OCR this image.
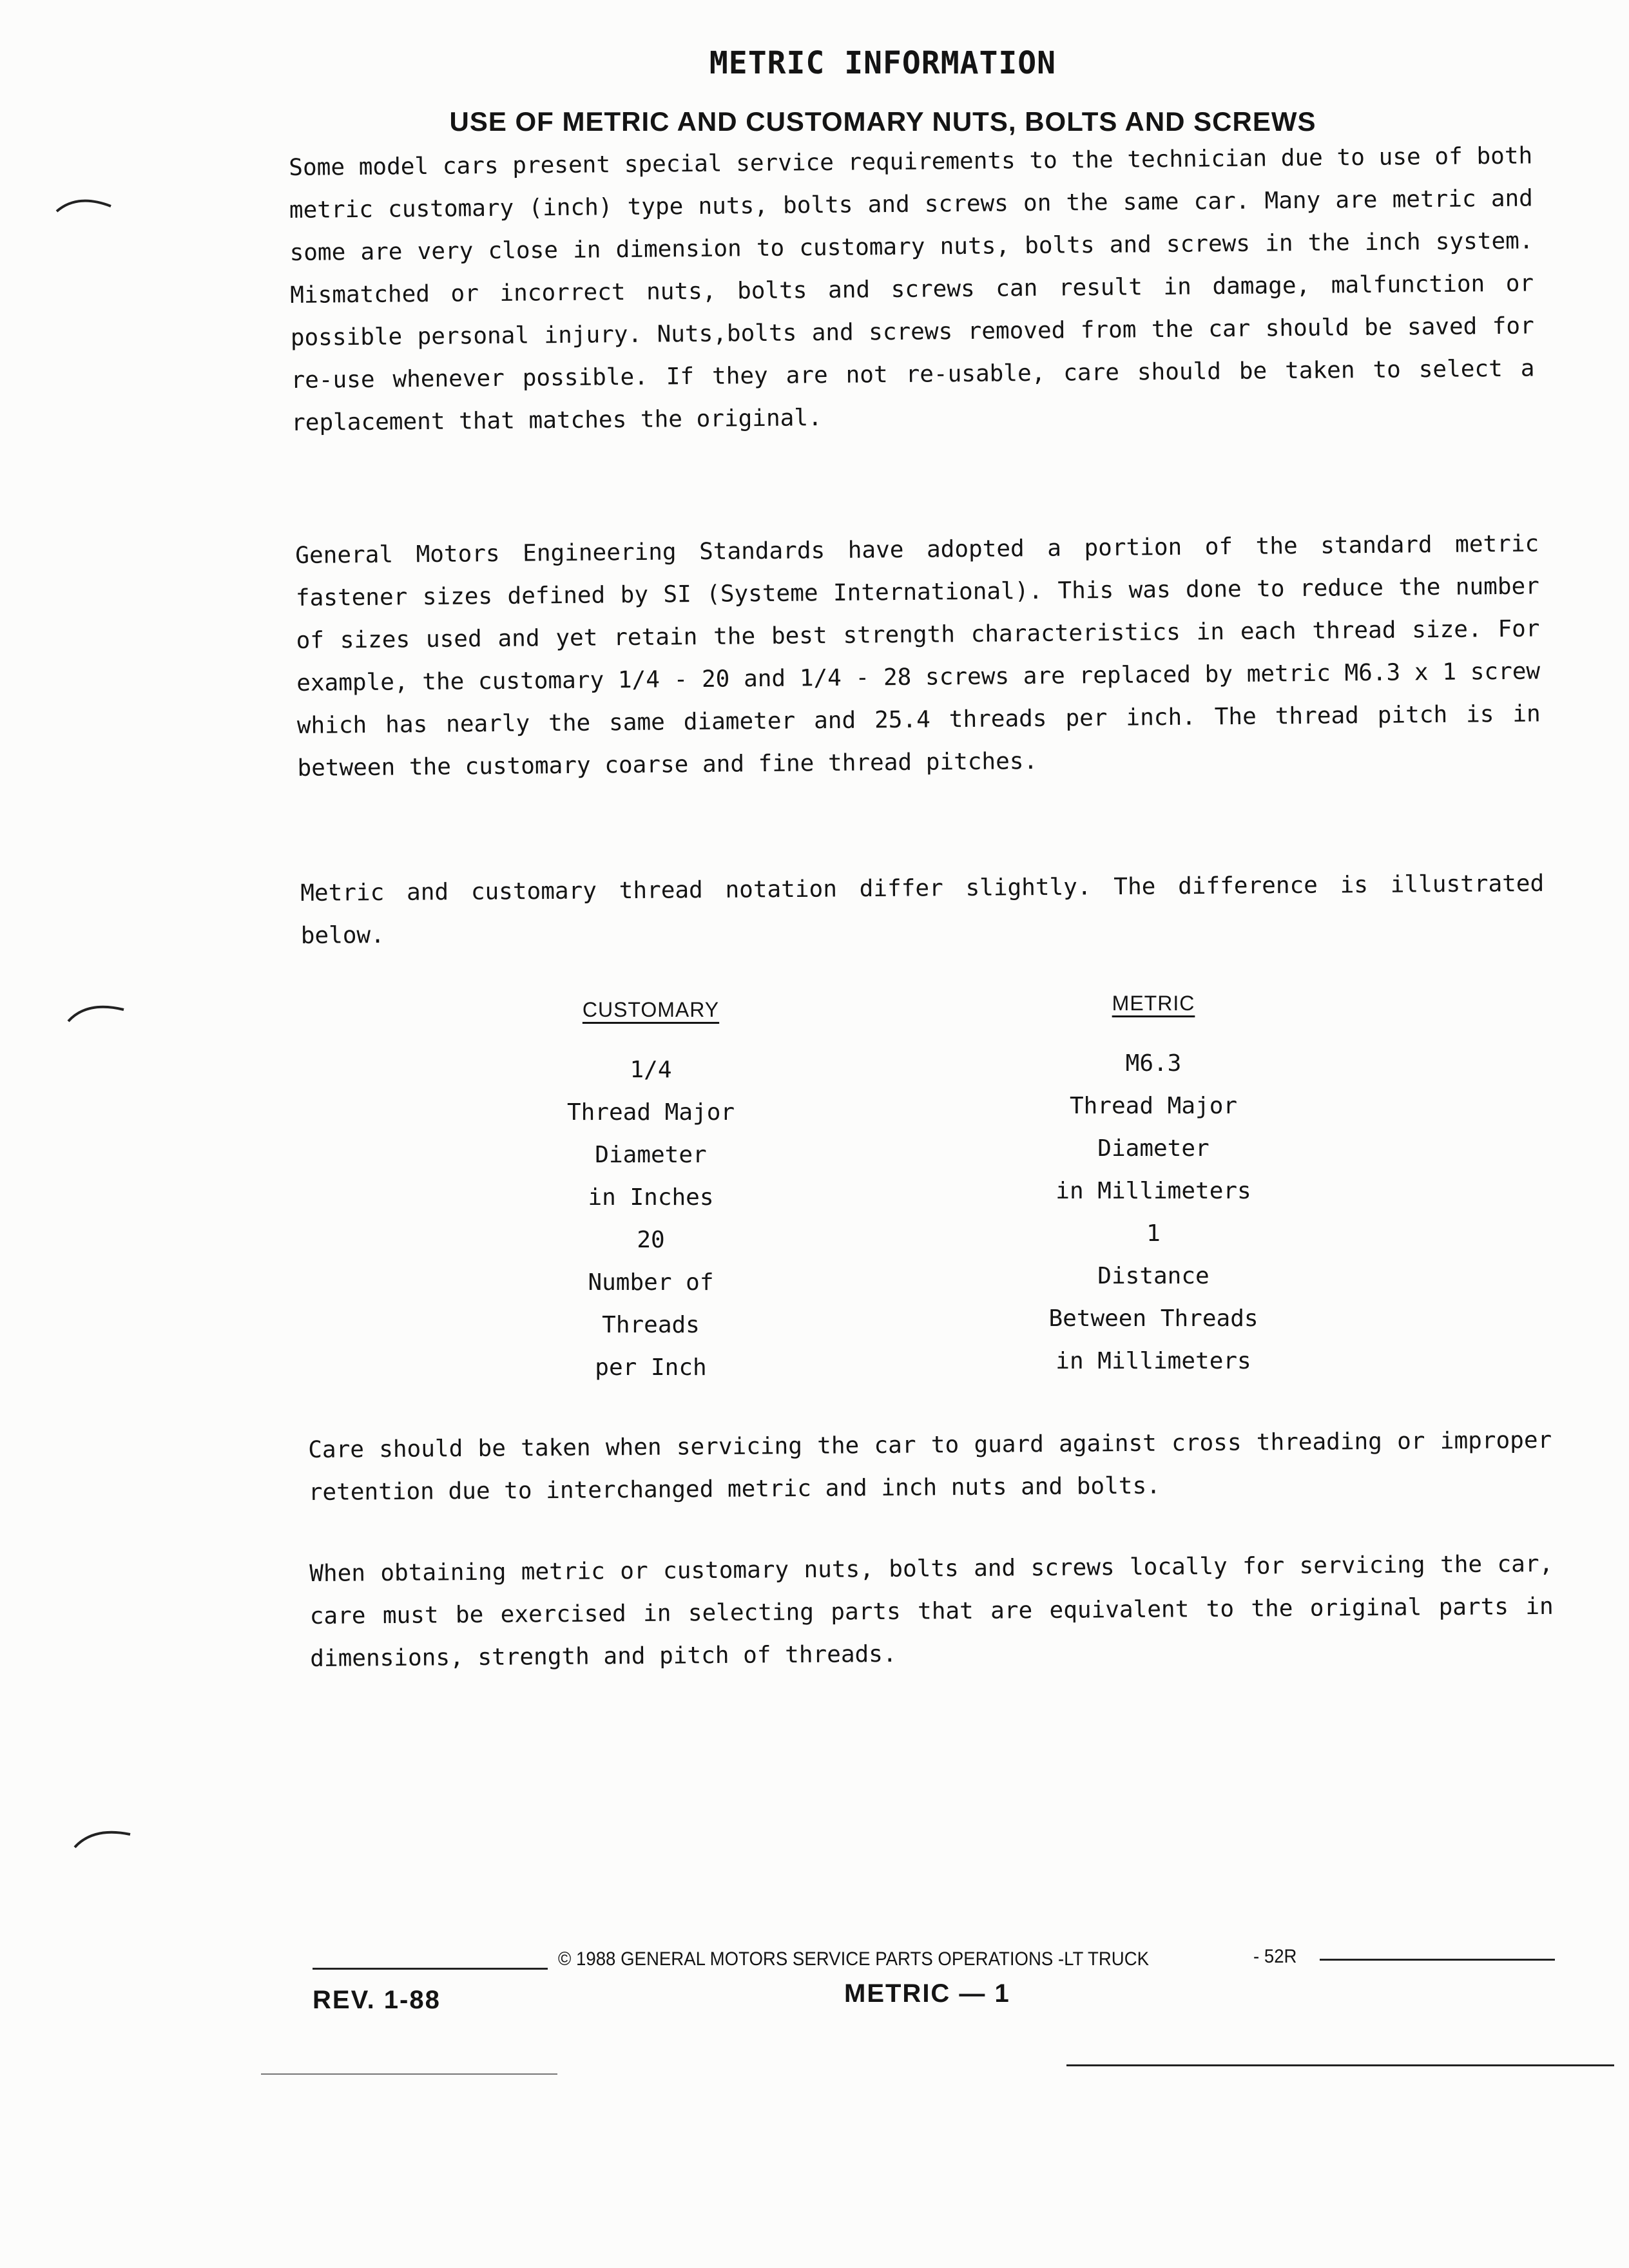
METRIC INFORMATION
USE OF METRIC AND CUSTOMARY NUTS, BOLTS AND SCREWS
Some model cars present special service requirements to the technician due to use of both metric customary (inch) type nuts, bolts and screws on the same car. Many are metric and some are very close in dimension to customary nuts, bolts and screws in the inch system. Mismatched or incorrect nuts, bolts and screws can result in damage, malfunction or possible personal injury. Nuts,bolts and screws removed from the car should be saved for re-use whenever possible. If they are not re-usable, care should be taken to select a replacement that matches the original.
General Motors Engineering Standards have adopted a portion of the standard metric fastener sizes defined by SI (Systeme International). This was done to reduce the number of sizes used and yet retain the best strength characteristics in each thread size. For example, the customary 1/4 - 20 and 1/4 - 28 screws are replaced by metric M6.3 x 1 screw which has nearly the same diameter and 25.4 threads per inch. The thread pitch is in between the customary coarse and fine thread pitches.
Metric and customary thread notation differ slightly. The difference is illustrated below.
CUSTOMARY
1/4
Thread Major
Diameter
in Inches
20
Number of
Threads
per Inch
METRIC
M6.3
Thread Major
Diameter
in Millimeters
1
Distance
Between Threads
in Millimeters
Care should be taken when servicing the car to guard against cross threading or improper retention due to interchanged metric and inch nuts and bolts.
When obtaining metric or customary nuts, bolts and screws locally for servicing the car, care must be exercised in selecting parts that are equivalent to the original parts in dimensions, strength and pitch of threads.
© 1988 GENERAL MOTORS SERVICE PARTS OPERATIONS -LT TRUCK	- 52R
REV. 1-88	METRIC — 1
